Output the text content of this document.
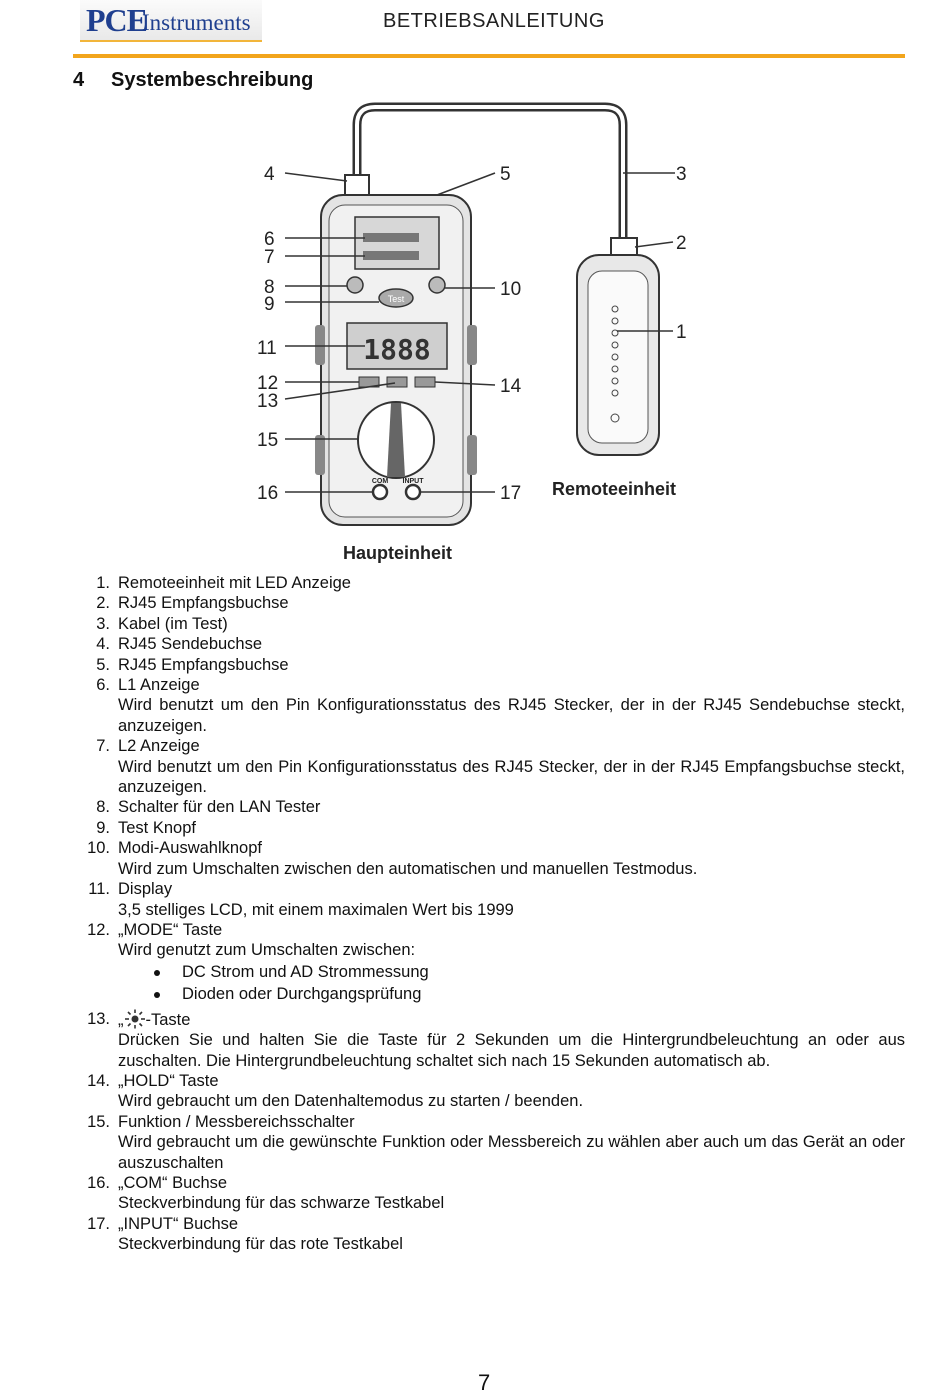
PCE
Instruments	BETRIEBSANLEITUNG
4 Systembeschreibung
Test
1888
COM INPUT
4	5	3
6
7
2
8
9
10
1
11
12
13
14
15
16	17 Remoteeinheit
Haupteinheit
1. Remoteeinheit mit LED Anzeige
2. RJ45 Empfangsbuchse
3. Kabel (im Test)
4. RJ45 Sendebuchse
5. RJ45 Empfangsbuchse
6. L1 Anzeige
Wird benutzt um den Pin Konfigurationsstatus des RJ45 Stecker, der in der RJ45 Sendebuchse steckt, anzuzeigen.
7. L2 Anzeige
Wird benutzt um den Pin Konfigurationsstatus des RJ45 Stecker, der in der RJ45 Empfangsbuchse steckt, anzuzeigen.
8. Schalter für den LAN Tester
9. Test Knopf
10. Modi-Auswahlknopf
Wird zum Umschalten zwischen den automatischen und manuellen Testmodus.
11. Display
3,5 stelliges LCD, mit einem maximalen Wert bis 1999
12. „MODE“ Taste
Wird genutzt zum Umschalten zwischen:
DC Strom und AD Strommessung
Dioden oder Durchgangsprüfung
13. „ -Taste
Drücken Sie und halten Sie die Taste für 2 Sekunden um die Hintergrundbeleuchtung an oder aus zuschalten. Die Hintergrundbeleuchtung schaltet sich nach 15 Sekunden automatisch ab.
14. „HOLD“ Taste
Wird gebraucht um den Datenhaltemodus zu starten / beenden.
15. Funktion / Messbereichsschalter
Wird gebraucht um die gewünschte Funktion oder Messbereich zu wählen aber auch um das Gerät an oder auszuschalten
16. „COM“ Buchse
Steckverbindung für das schwarze Testkabel
17. „INPUT“ Buchse
Steckverbindung für das rote Testkabel
7
